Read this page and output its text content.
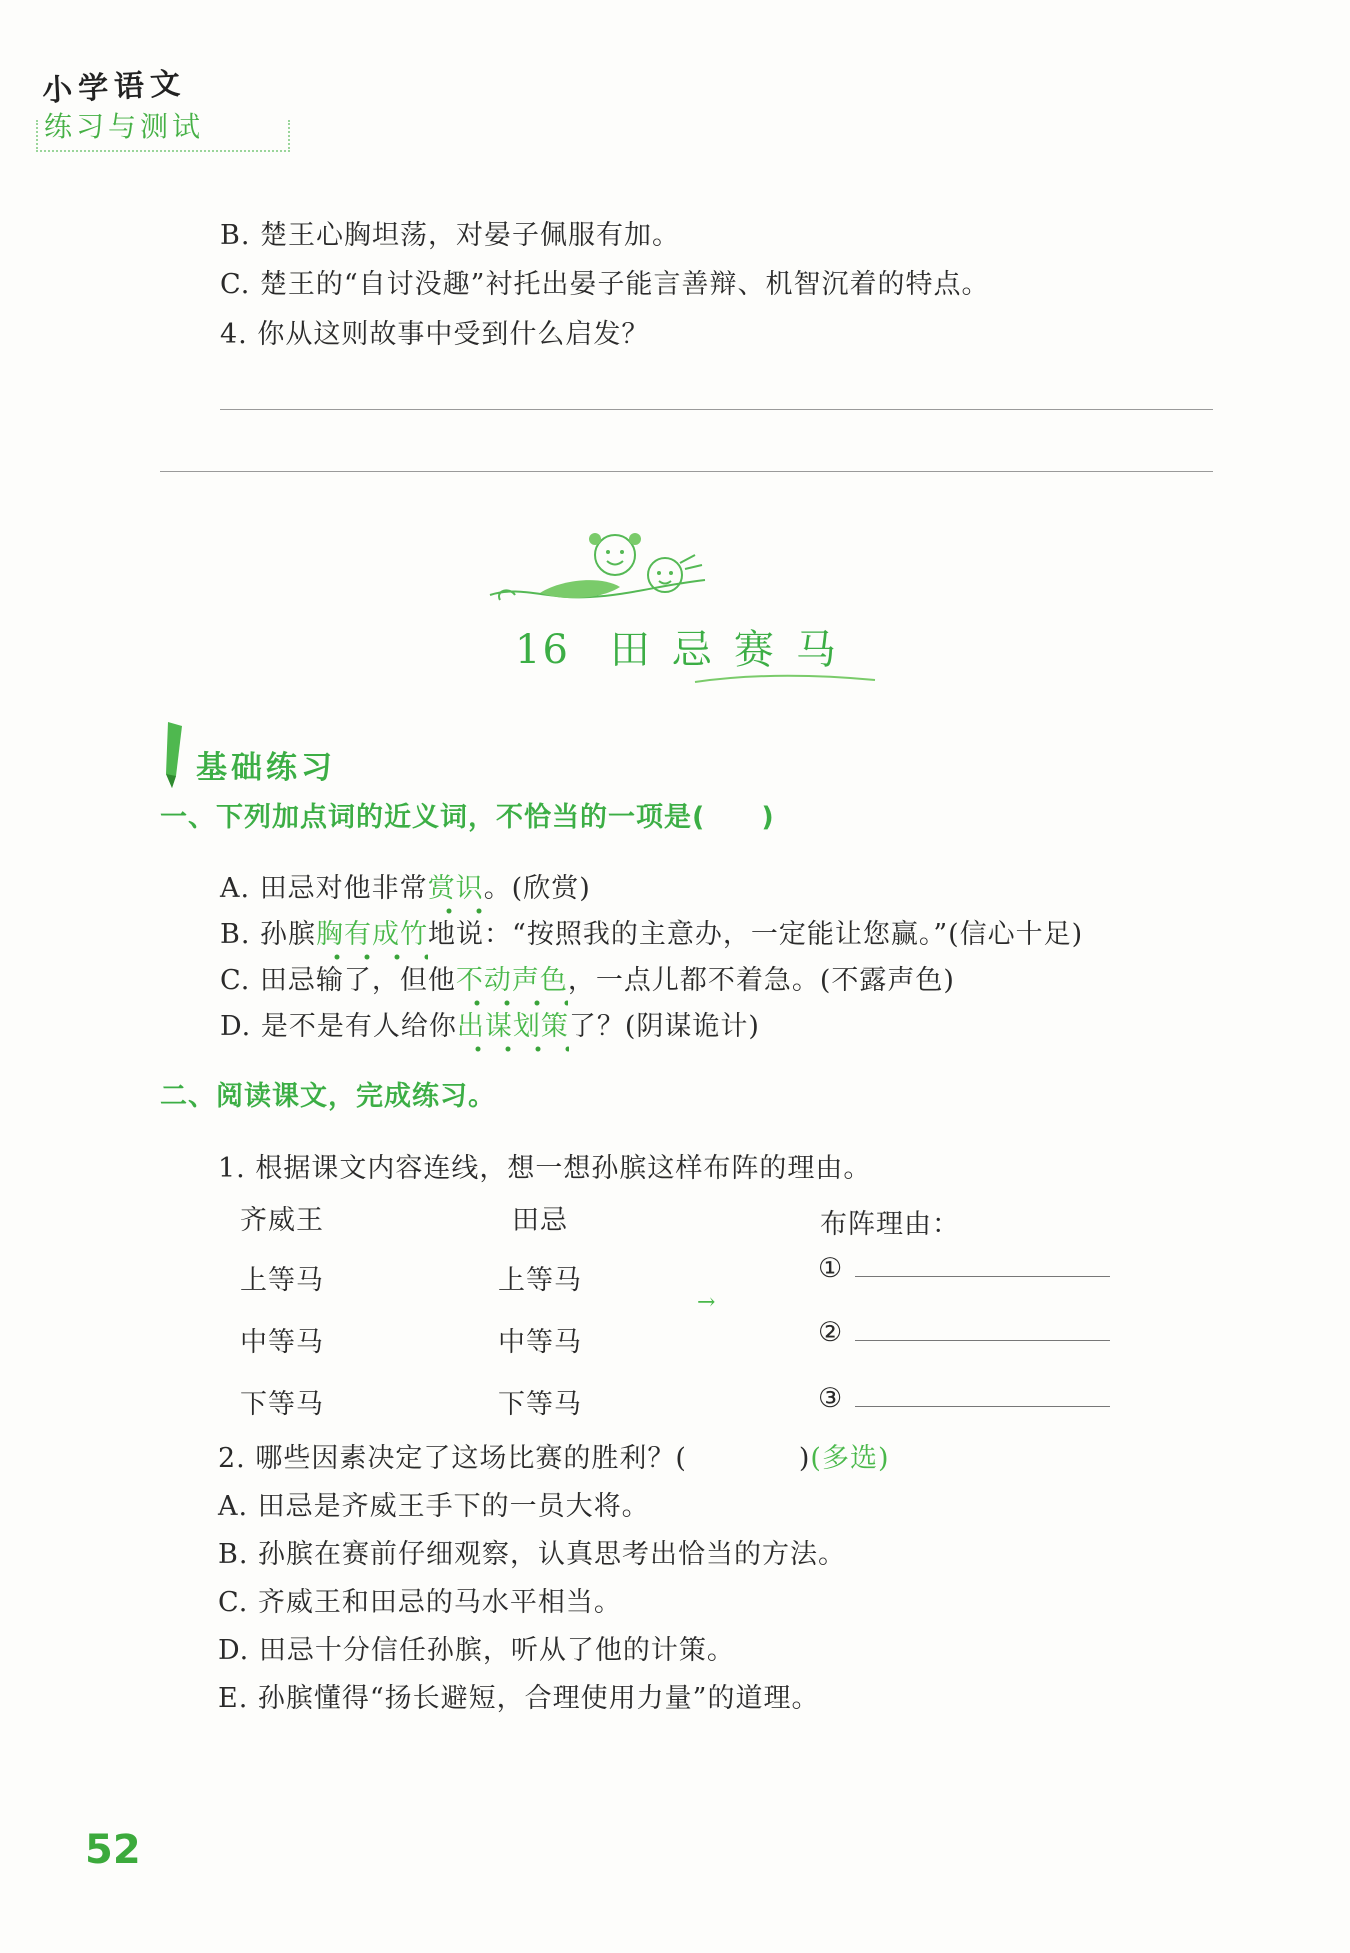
小学语文
练习与测试
B. 楚王心胸坦荡，对晏子佩服有加。
C. 楚王的“自讨没趣”衬托出晏子能言善辩、机智沉着的特点。
4. 你从这则故事中受到什么启发？
16 田忌赛马
基础练习
一、下列加点词的近义词，不恰当的一项是(　　)
A. 田忌对他非常赏识。(欣赏)
B. 孙膑胸有成竹地说：“按照我的主意办，一定能让您赢。”(信心十足)
C. 田忌输了，但他不动声色，一点儿都不着急。(不露声色)
D. 是不是有人给你出谋划策了？(阴谋诡计)
二、阅读课文，完成练习。
1. 根据课文内容连线，想一想孙膑这样布阵的理由。
齐威王	田忌	布阵理由：
上等马
中等马
下等马
上等马
中等马
下等马
→
①
②
③
2. 哪些因素决定了这场比赛的胜利？(　　　　)(多选)
A. 田忌是齐威王手下的一员大将。
B. 孙膑在赛前仔细观察，认真思考出恰当的方法。
C. 齐威王和田忌的马水平相当。
D. 田忌十分信任孙膑，听从了他的计策。
E. 孙膑懂得“扬长避短，合理使用力量”的道理。
52
